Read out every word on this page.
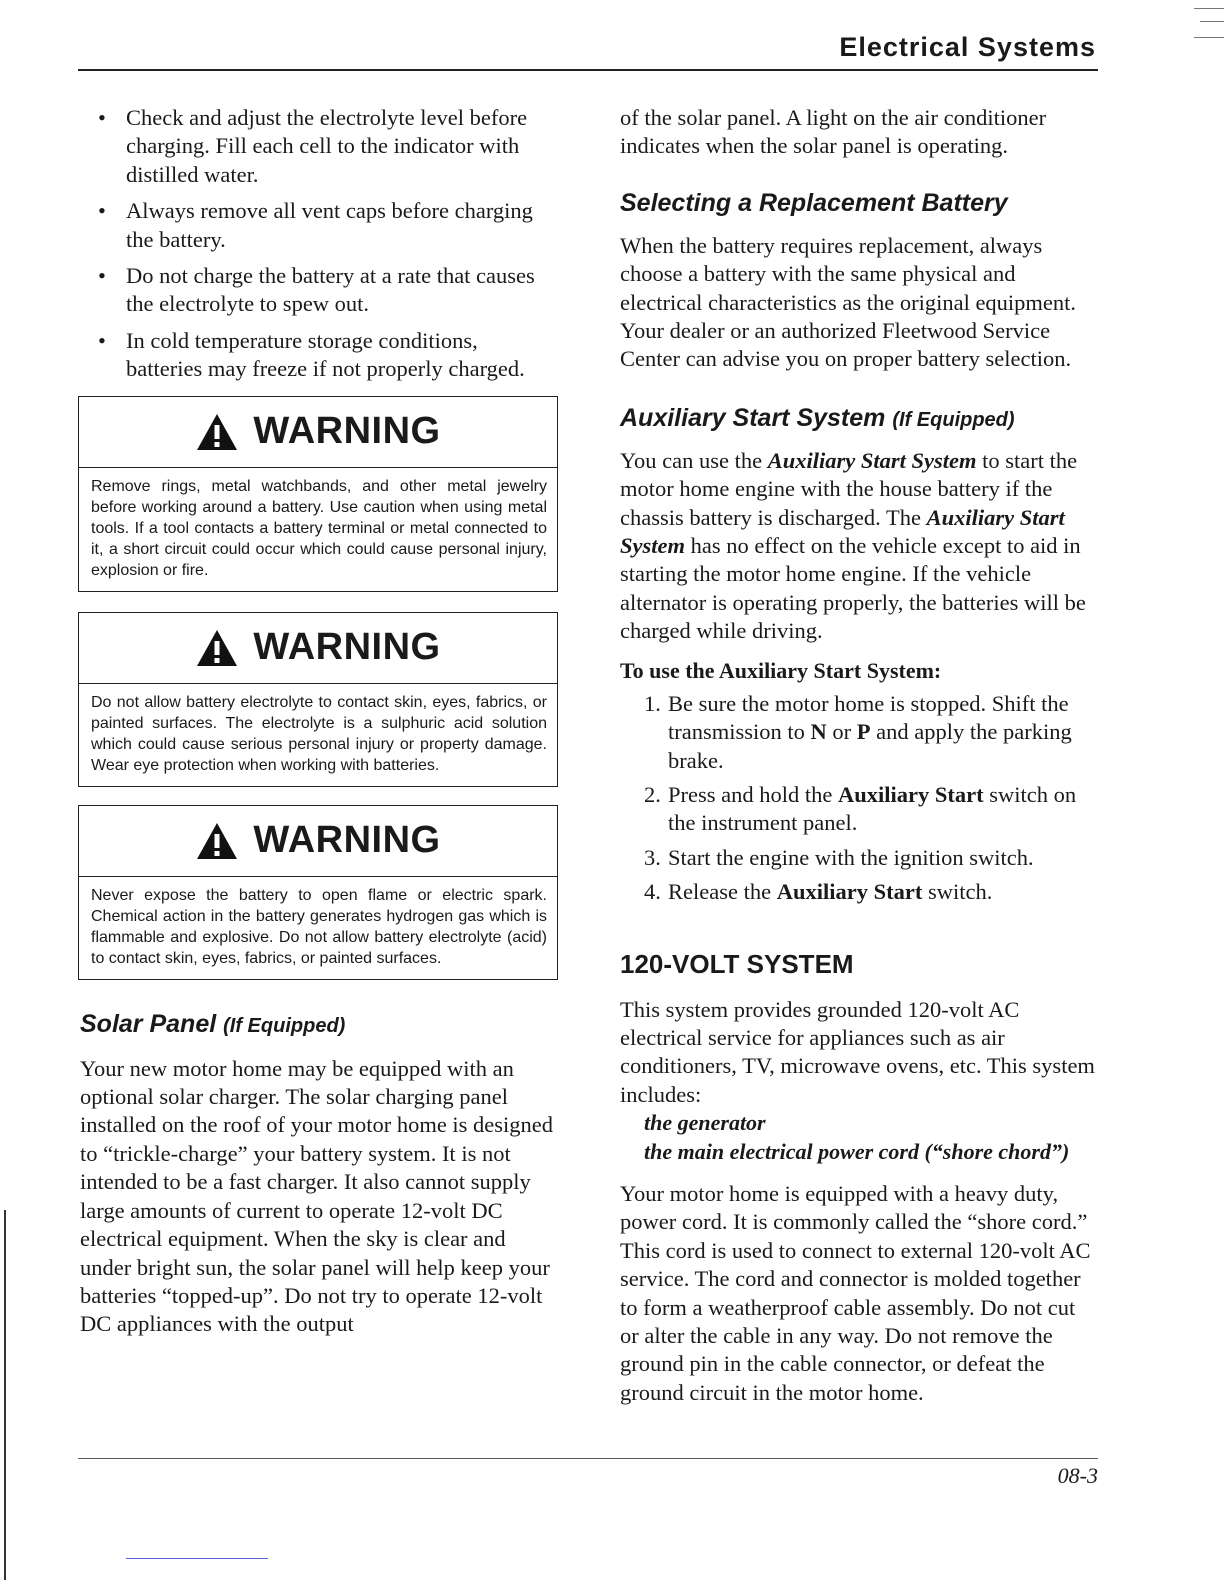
Electrical Systems
• Check and adjust the electrolyte level before charging. Fill each cell to the indicator with distilled water.
• Always remove all vent caps before charging the battery.
• Do not charge the battery at a rate that causes the electrolyte to spew out.
• In cold temperature storage conditions, batteries may freeze if not properly charged.
WARNING
Remove rings, metal watchbands, and other metal jewelry before working around a battery. Use caution when using metal tools. If a tool contacts a battery terminal or metal connected to it, a short circuit could occur which could cause personal injury, explosion or fire.
WARNING
Do not allow battery electrolyte to contact skin, eyes, fabrics, or painted surfaces. The electrolyte is a sulphuric acid solution which could cause serious personal injury or property damage. Wear eye protection when working with batteries.
WARNING
Never expose the battery to open flame or electric spark. Chemical action in the battery generates hydrogen gas which is flammable and explosive. Do not allow battery electrolyte (acid) to contact skin, eyes, fabrics, or painted surfaces.
Solar Panel (If Equipped)

Your new motor home may be equipped with an optional solar charger. The solar charging panel installed on the roof of your motor home is designed to “trickle-charge” your battery system. It is not intended to be a fast charger. It also cannot supply large amounts of current to operate 12-volt DC electrical equipment. When the sky is clear and under bright sun, the solar panel will help keep your batteries “topped-up”. Do not try to operate 12-volt DC appliances with the output

of the solar panel. A light on the air conditioner indicates when the solar panel is operating.

Selecting a Replacement Battery

When the battery requires replacement, always choose a battery with the same physical and electrical characteristics as the original equipment. Your dealer or an authorized Fleetwood Service Center can advise you on proper battery selection.

Auxiliary Start System (If Equipped)

You can use the Auxiliary Start System to start the motor home engine with the house battery if the chassis battery is discharged. The Auxiliary Start System has no effect on the vehicle except to aid in starting the motor home engine. If the vehicle alternator is operating properly, the batteries will be charged while driving.

To use the Auxiliary Start System:

1. Be sure the motor home is stopped. Shift the transmission to N or P and apply the parking brake.
2. Press and hold the Auxiliary Start switch on the instrument panel.
3. Start the engine with the ignition switch.
4. Release the Auxiliary Start switch.
120-VOLT SYSTEM

This system provides grounded 120-volt AC electrical service for appliances such as air conditioners, TV, microwave ovens, etc. This system includes:

the generator

the main electrical power cord (“shore chord”)

Your motor home is equipped with a heavy duty, power cord. It is commonly called the “shore cord.” This cord is used to connect to external 120-volt AC service. The cord and connector is molded together to form a weatherproof cable assembly. Do not cut or alter the cable in any way. Do not remove the ground pin in the cable connector, or defeat the ground circuit in the motor home.

08-3
